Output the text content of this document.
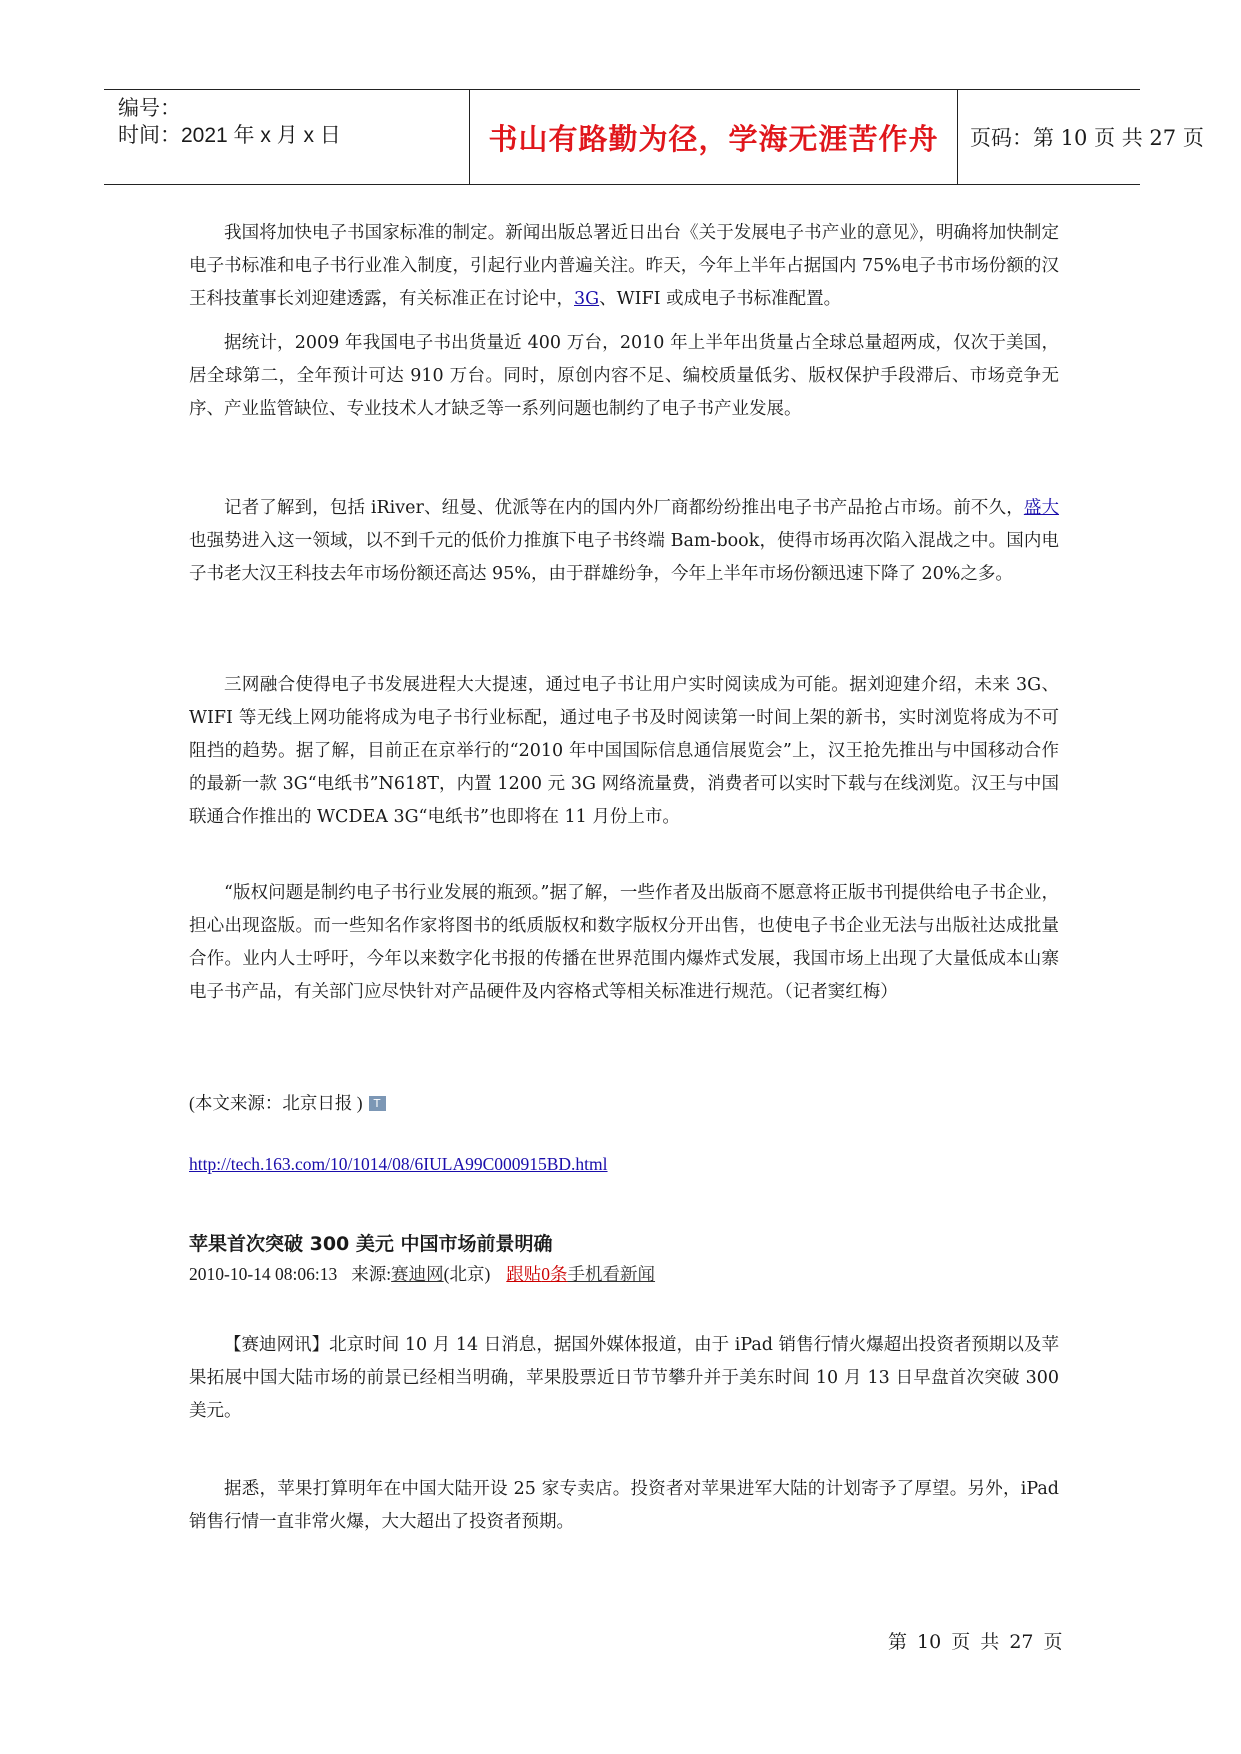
编号：
时间：2021 年 x 月 x 日	书山有路勤为径，学海无涯苦作舟 页码：第 10 页 共 27 页

我国将加快电子书国家标准的制定。新闻出版总署近日出台《关于发展电子书产业的意见》，明确将加快制定电子书标准和电子书行业准入制度，引起行业内普遍关注。昨天，今年上半年占据国内 75%电子书市场份额的汉王科技董事长刘迎建透露，有关标准正在讨论中，3G、WIFI 或成电子书标准配置。

据统计，2009 年我国电子书出货量近 400 万台，2010 年上半年出货量占全球总量超两成，仅次于美国，居全球第二，全年预计可达 910 万台。同时，原创内容不足、编校质量低劣、版权保护手段滞后、市场竞争无序、产业监管缺位、专业技术人才缺乏等一系列问题也制约了电子书产业发展。

记者了解到，包括 iRiver、纽曼、优派等在内的国内外厂商都纷纷推出电子书产品抢占市场。前不久，盛大也强势进入这一领域，以不到千元的低价力推旗下电子书终端 Bam-book，使得市场再次陷入混战之中。国内电子书老大汉王科技去年市场份额还高达 95%，由于群雄纷争，今年上半年市场份额迅速下降了 20%之多。

三网融合使得电子书发展进程大大提速，通过电子书让用户实时阅读成为可能。据刘迎建介绍，未来 3G、WIFI 等无线上网功能将成为电子书行业标配，通过电子书及时阅读第一时间上架的新书，实时浏览将成为不可阻挡的趋势。据了解，目前正在京举行的“2010 年中国国际信息通信展览会”上，汉王抢先推出与中国移动合作的最新一款 3G“电纸书”N618T，内置 1200 元 3G 网络流量费，消费者可以实时下载与在线浏览。汉王与中国联通合作推出的 WCDEA 3G“电纸书”也即将在 11 月份上市。

“版权问题是制约电子书行业发展的瓶颈。”据了解，一些作者及出版商不愿意将正版书刊提供给电子书企业，担心出现盗版。而一些知名作家将图书的纸质版权和数字版权分开出售，也使电子书企业无法与出版社达成批量合作。业内人士呼吁，今年以来数字化书报的传播在世界范围内爆炸式发展，我国市场上出现了大量低成本山寨电子书产品，有关部门应尽快针对产品硬件及内容格式等相关标准进行规范。（记者窦红梅）

(本文来源：北京日报 ) T
http://tech.163.com/10/1014/08/6IULA99C000915BD.html
苹果首次突破 300 美元 中国市场前景明确
2010-10-14 08:06:13 来源:赛迪网(北京) 跟贴0条手机看新闻

【赛迪网讯】北京时间 10 月 14 日消息，据国外媒体报道，由于 iPad 销售行情火爆超出投资者预期以及苹果拓展中国大陆市场的前景已经相当明确，苹果股票近日节节攀升并于美东时间 10 月 13 日早盘首次突破 300 美元。

据悉，苹果打算明年在中国大陆开设 25 家专卖店。投资者对苹果进军大陆的计划寄予了厚望。另外，iPad 销售行情一直非常火爆，大大超出了投资者预期。

第 10 页 共 27 页
